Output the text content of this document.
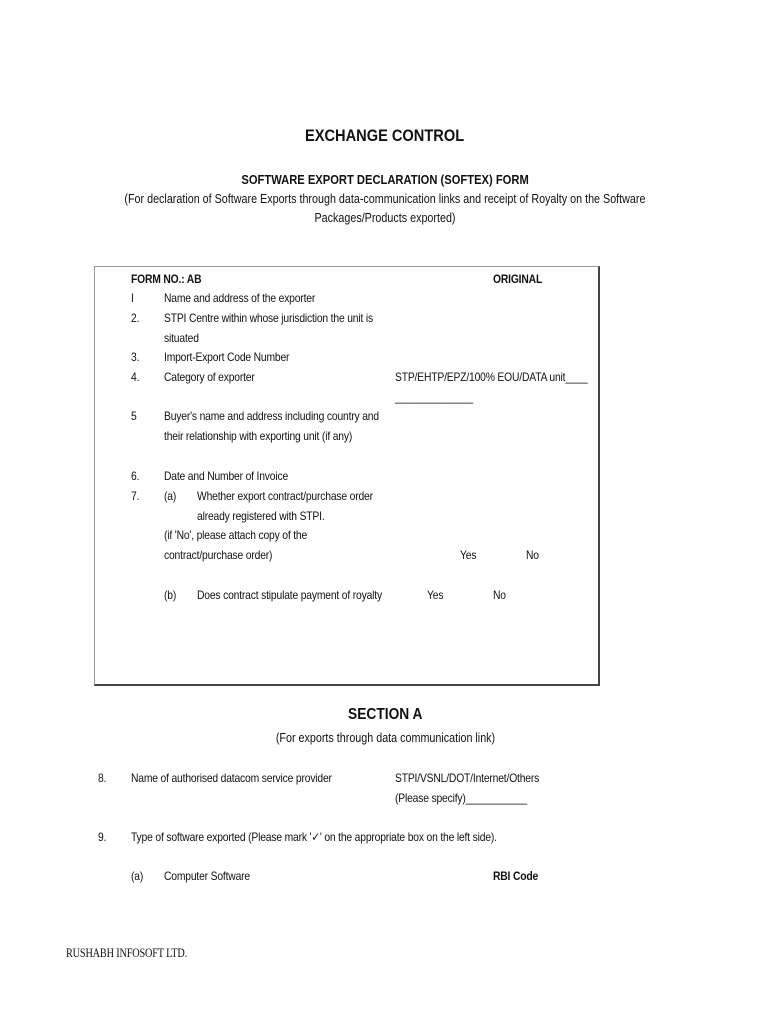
EXCHANGE CONTROL
SOFTWARE EXPORT DECLARATION (SOFTEX) FORM
(For declaration of Software Exports through data-communication links and receipt of Royalty on the Software
Packages/Products exported)
FORM NO.: AB	ORIGINAL
I	Name and address of the exporter
2. STPI Centre within whose jurisdiction the unit is
situated
3. Import-Export Code Number
4. Category of exporter	STP/EHTP/EPZ/100% EOU/DATA unit____
______________
5 Buyer's name and address including country and
their relationship with exporting unit (if any)
6. Date and Number of Invoice
7. (a) Whether export contract/purchase order
already registered with STPI.
(if 'No', please attach copy of the
contract/purchase order)	Yes	No
(b) Does contract stipulate payment of royalty	Yes	No
SECTION A
(For exports through data communication link)
8. Name of authorised datacom service provider	STPI/VSNL/DOT/Internet/Others
(Please specify)___________
9. Type of software exported (Please mark '✓' on the appropriate box on the left side).
(a) Computer Software	RBI Code
RUSHABH INFOSOFT LTD.
